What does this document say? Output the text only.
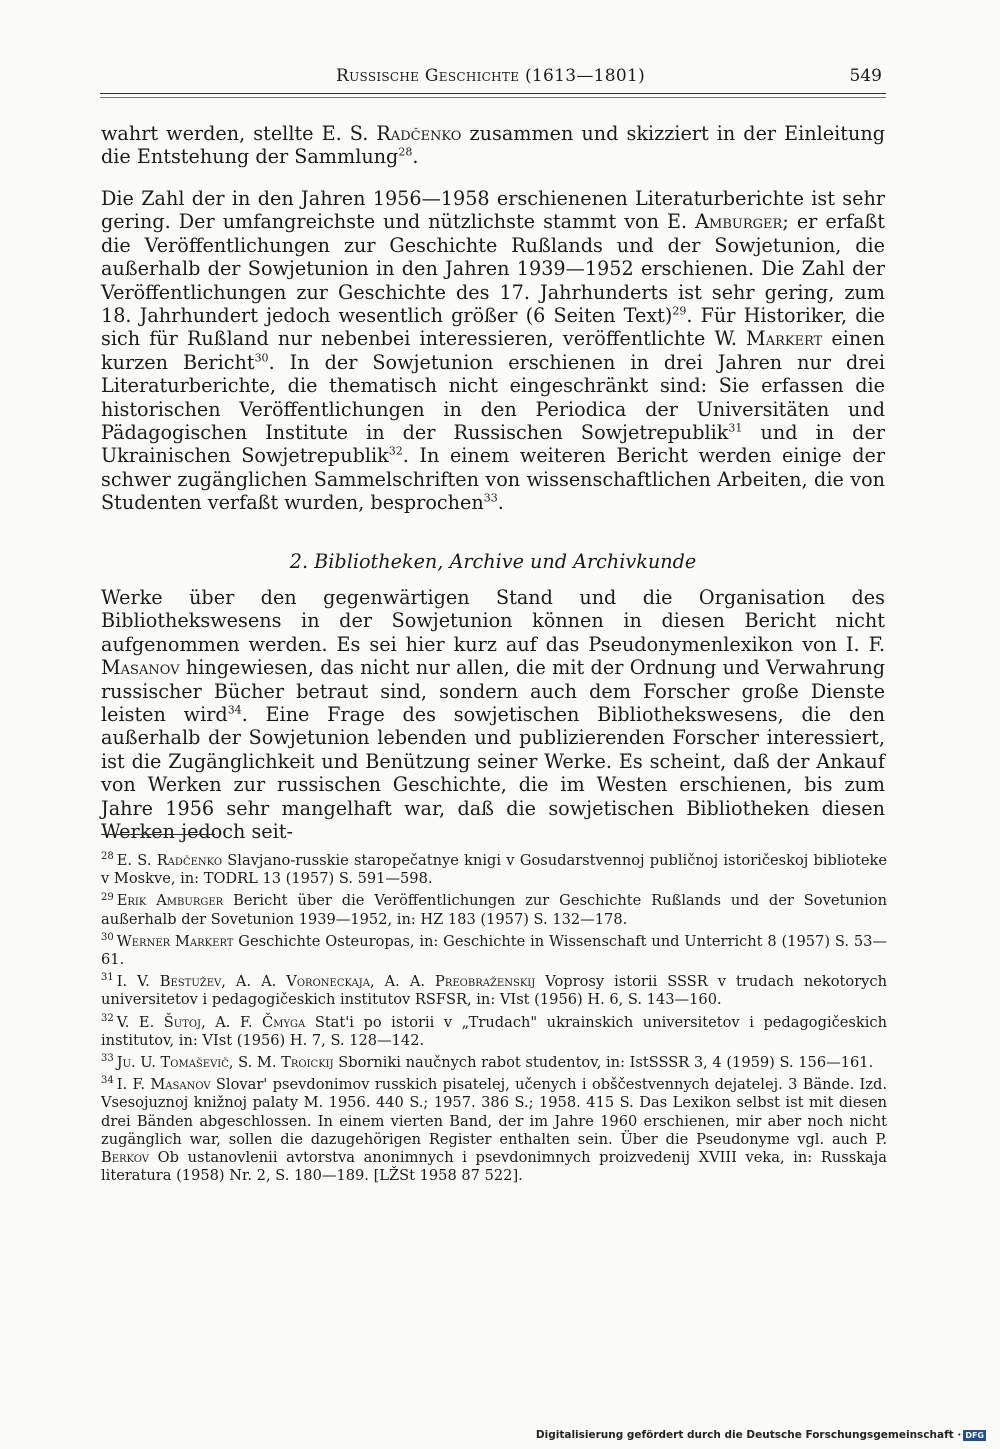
Russische Geschichte (1613—1801)	549

wahrt werden, stellte E. S. Radčenko zusammen und skizziert in der Einleitung die Entstehung der Sammlung$^{28}$.

Die Zahl der in den Jahren 1956—1958 erschienenen Literaturberichte ist sehr gering. Der umfangreichste und nützlichste stammt von E. Amburger; er erfaßt die Veröffentlichungen zur Geschichte Rußlands und der Sowjetunion, die außerhalb der Sowjetunion in den Jahren 1939—1952 erschienen. Die Zahl der Veröffentlichungen zur Geschichte des 17. Jahrhunderts ist sehr gering, zum 18. Jahrhundert jedoch wesentlich größer (6 Seiten Text)$^{29}$. Für Historiker, die sich für Rußland nur nebenbei interessieren, veröffentlichte W. Markert einen kurzen Bericht$^{30}$. In der Sowjetunion erschienen in drei Jahren nur drei Literaturberichte, die thematisch nicht eingeschränkt sind: Sie erfassen die historischen Veröffentlichungen in den Periodica der Universitäten und Pädagogischen Institute in der Russischen Sowjetrepublik$^{31}$ und in der Ukrainischen Sowjetrepublik$^{32}$. In einem weiteren Bericht werden einige der schwer zugänglichen Sammelschriften von wissenschaftlichen Arbeiten, die von Studenten verfaßt wurden, besprochen$^{33}$.

2. Bibliotheken, Archive und Archivkunde

Werke über den gegenwärtigen Stand und die Organisation des Bibliothekswesens in der Sowjetunion können in diesen Bericht nicht aufgenommen werden. Es sei hier kurz auf das Pseudonymenlexikon von I. F. Masanov hingewiesen, das nicht nur allen, die mit der Ordnung und Verwahrung russischer Bücher betraut sind, sondern auch dem Forscher große Dienste leisten wird$^{34}$. Eine Frage des sowjetischen Bibliothekswesens, die den außerhalb der Sowjetunion lebenden und publizierenden Forscher interessiert, ist die Zugänglichkeit und Benützung seiner Werke. Es scheint, daß der Ankauf von Werken zur russischen Geschichte, die im Westen erschienen, bis zum Jahre 1956 sehr mangelhaft war, daß die sowjetischen Bibliotheken diesen Werken jedoch seit-

$^{28}$ E. S. Radčenko Slavjano-russkie staropečatnye knigi v Gosudarstvennoj publičnoj istoričeskoj biblioteke v Moskve, in: TODRL 13 (1957) S. 591—598.

$^{29}$ Erik Amburger Bericht über die Veröffentlichungen zur Geschichte Rußlands und der Sovetunion außerhalb der Sovetunion 1939—1952, in: HZ 183 (1957) S. 132—178.

$^{30}$ Werner Markert Geschichte Osteuropas, in: Geschichte in Wissenschaft und Unterricht 8 (1957) S. 53—61.

$^{31}$ I. V. Bestužev, A. A. Voroneckaja, A. A. Preobraženskij Voprosy istorii SSSR v trudach nekotorych universitetov i pedagogičeskich institutov RSFSR, in: VIst (1956) H. 6, S. 143—160.

$^{32}$ V. E. Šutoj, A. F. Čmyga Stat'i po istorii v „Trudach" ukrainskich universitetov i pedagogičeskich institutov, in: VIst (1956) H. 7, S. 128—142.

$^{33}$ Ju. U. Tomaševič, S. M. Troickij Sborniki naučnych rabot studentov, in: IstSSSR 3, 4 (1959) S. 156—161.

$^{34}$ I. F. Masanov Slovar' psevdonimov russkich pisatelej, učenych i obščestvennych dejatelej. 3 Bände. Izd. Vsesojuznoj knižnoj palaty M. 1956. 440 S.; 1957. 386 S.; 1958. 415 S. Das Lexikon selbst ist mit diesen drei Bänden abgeschlossen. In einem vierten Band, der im Jahre 1960 erschienen, mir aber noch nicht zugänglich war, sollen die dazugehörigen Register enthalten sein. Über die Pseudonyme vgl. auch P. Berkov Ob ustanovlenii avtorstva anonimnych i psevdonimnych proizvedenij XVIII veka, in: Russkaja literatura (1958) Nr. 2, S. 180—189. [LŽSt 1958 87 522].

Digitalisierung gefördert durch die Deutsche Forschungsgemeinschaft · DFG
